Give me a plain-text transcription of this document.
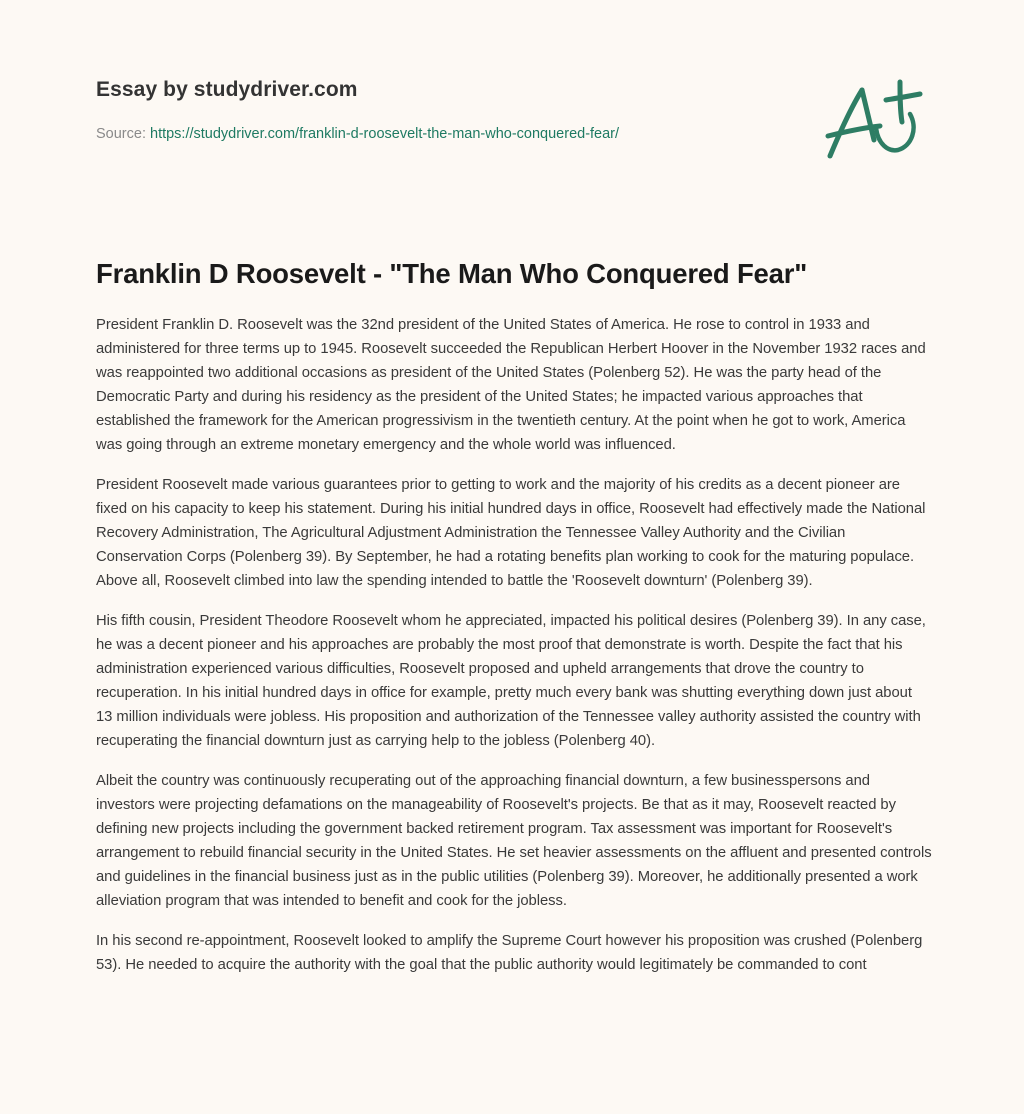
Essay by studydriver.com
Source: https://studydriver.com/franklin-d-roosevelt-the-man-who-conquered-fear/
Franklin D Roosevelt - "The Man Who Conquered Fear"

President Franklin D. Roosevelt was the 32nd president of the United States of America. He rose to control in 1933 and administered for three terms up to 1945. Roosevelt succeeded the Republican Herbert Hoover in the November 1932 races and was reappointed two additional occasions as president of the United States (Polenberg 52). He was the party head of the Democratic Party and during his residency as the president of the United States; he impacted various approaches that established the framework for the American progressivism in the twentieth century. At the point when he got to work, America was going through an extreme monetary emergency and the whole world was influenced.

President Roosevelt made various guarantees prior to getting to work and the majority of his credits as a decent pioneer are fixed on his capacity to keep his statement. During his initial hundred days in office, Roosevelt had effectively made the National Recovery Administration, The Agricultural Adjustment Administration the Tennessee Valley Authority and the Civilian Conservation Corps (Polenberg 39). By September, he had a rotating benefits plan working to cook for the maturing populace. Above all, Roosevelt climbed into law the spending intended to battle the 'Roosevelt downturn' (Polenberg 39).

His fifth cousin, President Theodore Roosevelt whom he appreciated, impacted his political desires (Polenberg 39). In any case, he was a decent pioneer and his approaches are probably the most proof that demonstrate is worth. Despite the fact that his administration experienced various difficulties, Roosevelt proposed and upheld arrangements that drove the country to recuperation. In his initial hundred days in office for example, pretty much every bank was shutting everything down just about 13 million individuals were jobless. His proposition and authorization of the Tennessee valley authority assisted the country with recuperating the financial downturn just as carrying help to the jobless (Polenberg 40).

Albeit the country was continuously recuperating out of the approaching financial downturn, a few businesspersons and investors were projecting defamations on the manageability of Roosevelt's projects. Be that as it may, Roosevelt reacted by defining new projects including the government backed retirement program. Tax assessment was important for Roosevelt's arrangement to rebuild financial security in the United States. He set heavier assessments on the affluent and presented controls and guidelines in the financial business just as in the public utilities (Polenberg 39). Moreover, he additionally presented a work alleviation program that was intended to benefit and cook for the jobless.

In his second re-appointment, Roosevelt looked to amplify the Supreme Court however his proposition was crushed (Polenberg 53). He needed to acquire the authority with the goal that the public authority would legitimately be commanded to cont
